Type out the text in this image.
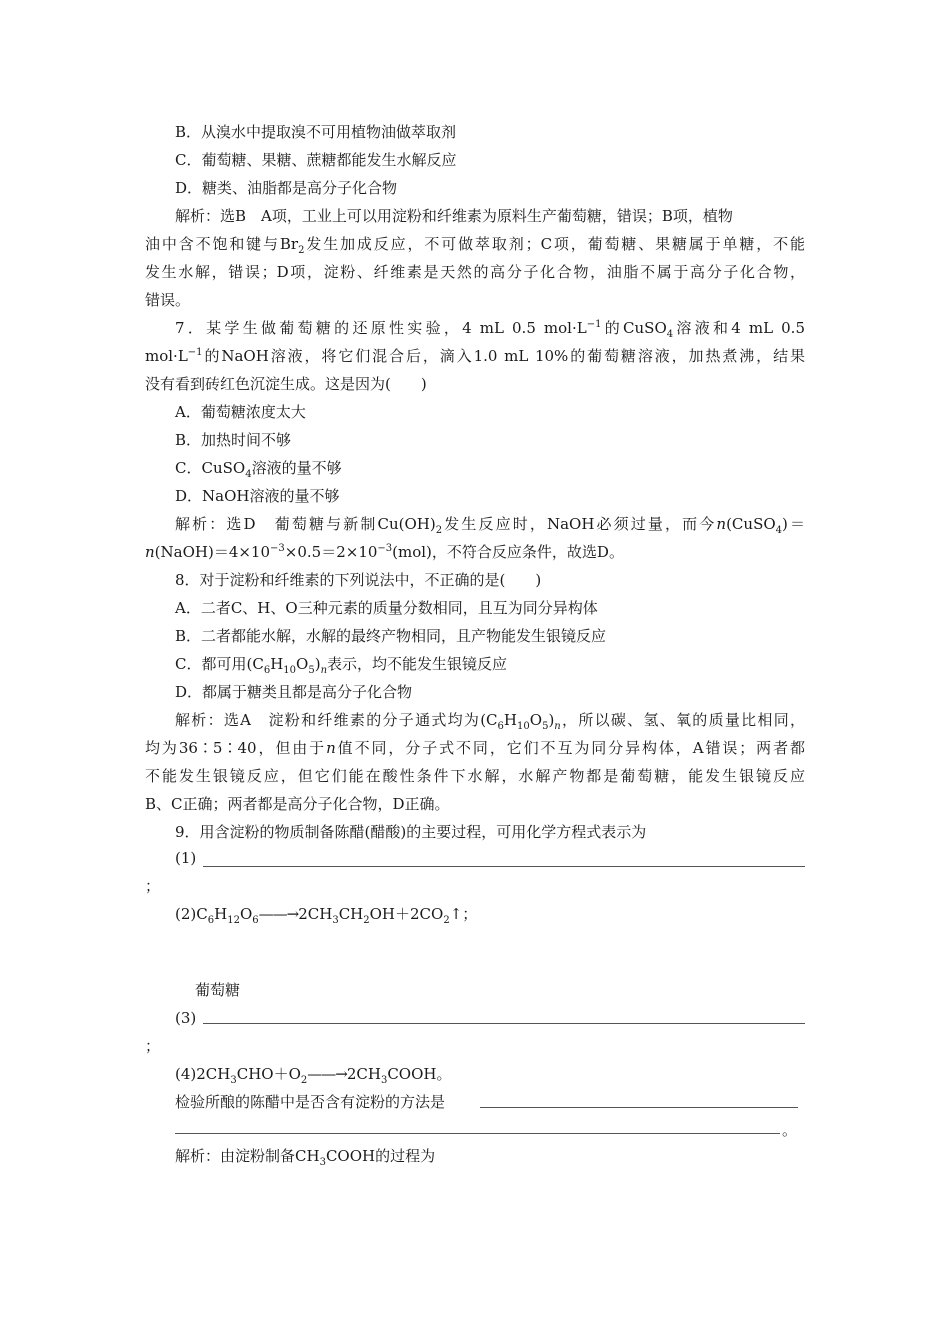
B．从溴水中提取溴不可用植物油做萃取剂
C．葡萄糖、果糖、蔗糖都能发生水解反应
D．糖类、油脂都是高分子化合物
解析：选B　A项，工业上可以用淀粉和纤维素为原料生产葡萄糖，错误；B项，植物
油中含不饱和键与$Br_2$发生加成反应，不可做萃取剂；C项，葡萄糖、果糖属于单糖，不能
发生水解，错误；D项，淀粉、纤维素是天然的高分子化合物，油脂不属于高分子化合物，
错误。
7．某学生做葡萄糖的还原性实验，4 mL 0.5 $mol\cdot L^{-1}$的CuSO$_4$溶液和4 mL 0.5
$mol\cdot L^{-1}$的NaOH溶液，将它们混合后，滴入1.0 mL 10%的葡萄糖溶液，加热煮沸，结果
没有看到砖红色沉淀生成。这是因为(　　)
A．葡萄糖浓度太大
B．加热时间不够
C．CuSO$_4$溶液的量不够
D．NaOH溶液的量不够
解析：选D　葡萄糖与新制$Cu(OH)_2$发生反应时，NaOH必须过量，而今n(CuSO$_4$)＝
$n(NaOH)=4\times 10^{-3}\times 0.5=2\times 10^{-3}(mol)$，不符合反应条件，故选D。
8．对于淀粉和纤维素的下列说法中，不正确的是(　　)
A．二者C、H、O三种元素的质量分数相同，且互为同分异构体
B．二者都能水解，水解的最终产物相同，且产物能发生银镜反应
C．都可用$(C_6H_{10}O_5)_n$表示，均不能发生银镜反应
D．都属于糖类且都是高分子化合物
解析：选A　淀粉和纤维素的分子通式均为$(C_6H_{10}O_5)_n$，所以碳、氢、氧的质量比相同，
均为36∶5∶40，但由于n值不同，分子式不同，它们不互为同分异构体，A错误；两者都
不能发生银镜反应，但它们能在酸性条件下水解，水解产物都是葡萄糖，能发生银镜反应
B、C正确；两者都是高分子化合物，D正确。
9．用含淀粉的物质制备陈醋(醋酸)的主要过程，可用化学方程式表示为
(1)
；
$(2)C_6H_{12}O_6——\to 2CH_3CH_2OH+2CO_2↑$；
葡萄糖
(3)
；
$(4)2CH_3CHO+O_2——\to 2CH_3COOH$。
检验所酿的陈醋中是否含有淀粉的方法是
。
解析：由淀粉制备$CH_3COOH$的过程为
